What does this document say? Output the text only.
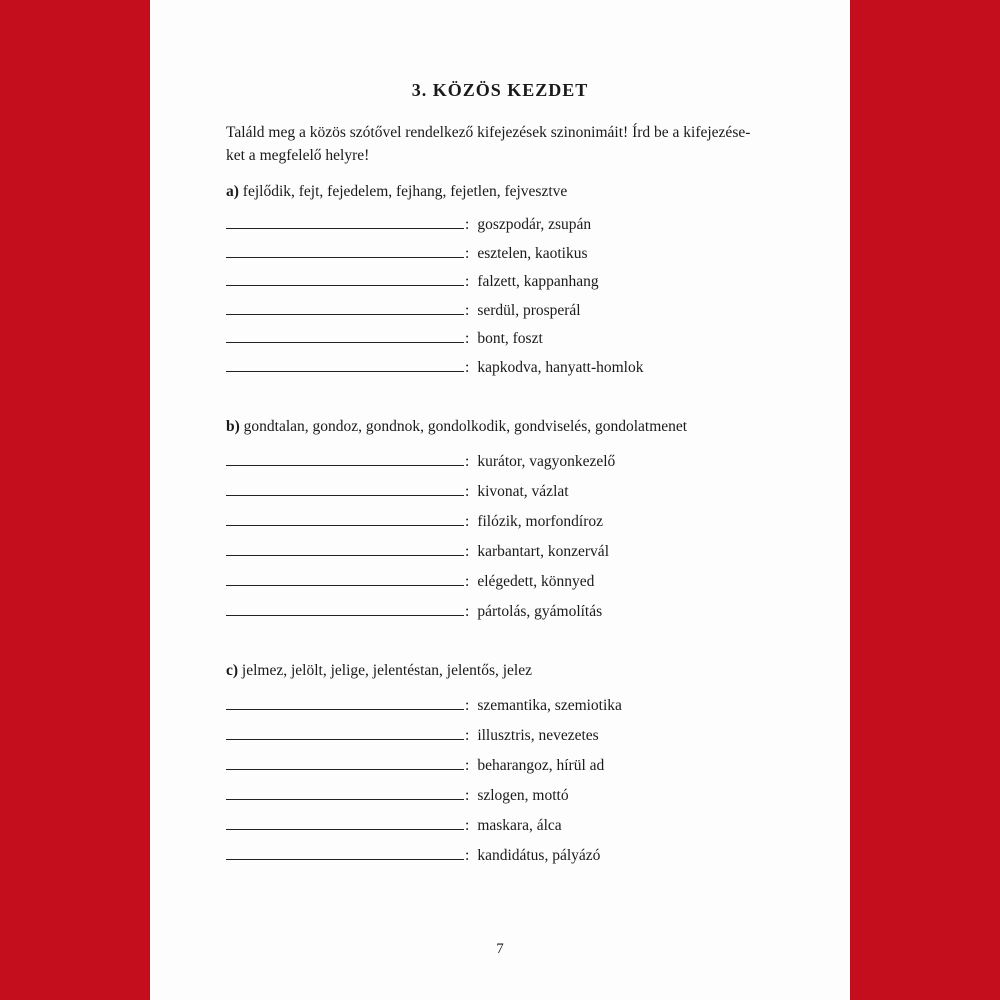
3. KÖZÖS KEZDET

Találd meg a közös szótővel rendelkező kifejezések szinonimáit! Írd be a kifejezése-
ket a megfelelő helyre!

a) fejlődik, fejt, fejedelem, fejhang, fejetlen, fejvesztve

: goszpodár, zsupán
: esztelen, kaotikus
: falzett, kappanhang
: serdül, prosperál
: bont, foszt
: kapkodva, hanyatt-homlok

b) gondtalan, gondoz, gondnok, gondolkodik, gondviselés, gondolatmenet

: kurátor, vagyonkezelő
: kivonat, vázlat
: filózik, morfondíroz
: karbantart, konzervál
: elégedett, könnyed
: pártolás, gyámolítás

c) jelmez, jelölt, jelige, jelentéstan, jelentős, jelez

: szemantika, szemiotika
: illusztris, nevezetes
: beharangoz, hírül ad
: szlogen, mottó
: maskara, álca
: kandidátus, pályázó

7
